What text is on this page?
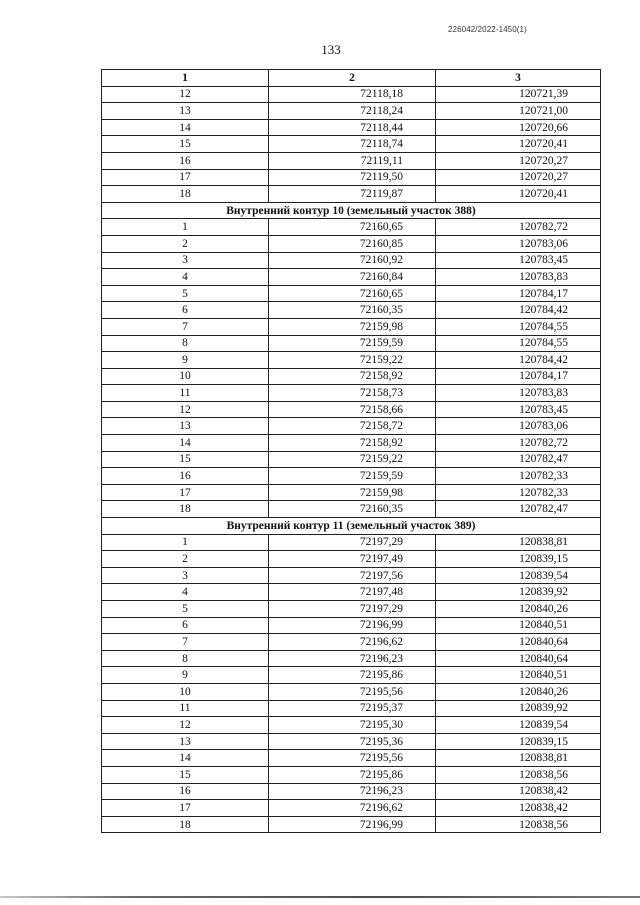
226042/2022-1450(1)
133
1	2	3
12	72118,18	120721,39
13	72118,24	120721,00
14	72118,44	120720,66
15	72118,74	120720,41
16	72119,11	120720,27
17	72119,50	120720,27
18	72119,87	120720,41
Внутренний контур 10 (земельный участок 388)		
1	72160,65	120782,72
2	72160,85	120783,06
3	72160,92	120783,45
4	72160,84	120783,83
5	72160,65	120784,17
6	72160,35	120784,42
7	72159,98	120784,55
8	72159,59	120784,55
9	72159,22	120784,42
10	72158,92	120784,17
11	72158,73	120783,83
12	72158,66	120783,45
13	72158,72	120783,06
14	72158,92	120782,72
15	72159,22	120782,47
16	72159,59	120782,33
17	72159,98	120782,33
18	72160,35	120782,47
Внутренний контур 11 (земельный участок 389)		
1	72197,29	120838,81
2	72197,49	120839,15
3	72197,56	120839,54
4	72197,48	120839,92
5	72197,29	120840,26
6	72196,99	120840,51
7	72196,62	120840,64
8	72196,23	120840,64
9	72195,86	120840,51
10	72195,56	120840,26
11	72195,37	120839,92
12	72195,30	120839,54
13	72195,36	120839,15
14	72195,56	120838,81
15	72195,86	120838,56
16	72196,23	120838,42
17	72196,62	120838,42
18	72196,99	120838,56
